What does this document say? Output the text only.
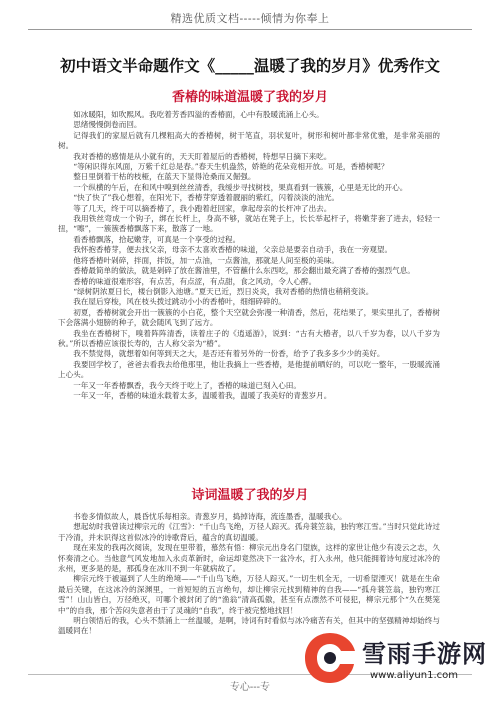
精选优质文档-----倾情为你奉上
初中语文半命题作文《_____温暖了我的岁月》优秀作文
香椿的味道温暖了我的岁月

如冰暖阳，如吹熙风。我吃着芳香四溢的香椿面，心中有股暖流涌上心头。

思绪慢慢倒卷而回。

记得我们的家屋后就有几棵粗高大的香椿树，树干笔直，羽状复叶，树形和树叶都非常优雅，是非常美丽的树。

我对香椿的感情是从小就有的，天天盯着屋后的香椿树，特想早日摘下来吃。

“等闲识得东风面，万紫千红总是春。”春天生机盎然，娇艳的花朵竞相开放。可是，香椿树呢？

整日里倒着干枯的枝桠，在蓝天下显得沧桑而又倔强。

一个纵横的午后，在和风中嗅到丝丝清香，我缓步寻找树枝，果真看到一簇簇，心里是无比的开心。

“快了快了”我心想着，在阳光下，香椿芽穿透着靓丽的紫红，闪着淡淡的油光。

等了几天，终于可以摘香椿了，我小跑着赶回家，拿起母亲的长杆冲了出去。

我用铁丝弯成一个钩子，绑在长杆上，身高不够，就站在凳子上，长长举起杆子，将嫩芽套了进去，轻轻一扭，“嚓”，一簇簇香椿飘落下来，散落了一地。

看香椿飘落，拾起嫩芽，可真是一个享受的过程。

我怀抱香椿芽，便去找父亲，母亲不太喜欢香椿的味道，父亲总是要亲自动手，我在一旁观望。

他将香椿叶剁碎，拌面，拌饭，加一点油，一点酱油，那就是人间至极的美味。

香椿最简单的做法，就是剁碎了放在酱油里，不管蘸什么东西吃，那会翻出最充满了香椿的强烈气息。

香椿的味道很难形容，有点苦，有点涩，有点甜，食之风动，令人心醉。

“绿树阴浓夏日长，楼台倒影入池塘。”夏天已近，烈日炎炎，我对香椿的热情也稍稍变淡。

我在屋后穿梭，风在枝头拨过跳动小小的香椿叶，细细碎碎的。

初夏，香椿树就会开出一簇簇的小白花，整个天空就会弥漫一种清香，然后，花结果了，果实里扎了，香椿树下会落满小翅膀的种子，就会随风飞到了远方。

我坐在香椿树下，嗅着阵阵清香，读着庄子的《逍遥游》，说到：“古有大椿者，以八千岁为春，以八千岁为秋。”所以香椿应该很长寿的，古人称父亲为“椿”。

我不禁觉得，就想着如何等到天之大，是否还有着另外的一份香，给予了我多多少少的美好。

我要回学校了，爸爸去看我去给他那里，他让我摘上一些香椿，是他提前晒好的，可以吃一整年，一股暖流涌上心头。

一年又一年香椿飘香，我今天终于吃上了，香椿的味道已刻入心田。

一年又一年，香椿的味道永载着太多，温暖着我，温暖了我美好的青葱岁月。

诗词温暖了我的岁月

书卷多情似故人，晨昏忧乐每相亲。青葱岁月，捣掉诗海，流连墨香，温暖我心。

想起幼时我曾读过柳宗元的《江雪》：“千山鸟飞绝，万径人踪灭。孤舟蓑笠翁，独钓寒江雪。”当时只觉此诗过于冷清，并未识得这首似冰冷的诗歌背后，蕴含的真切温暖。

现在来发的我再次阅读，发现在里带着，慕然有悟：柳宗元出身名门望族，这样的家世让他少有凌云之志，久怀奏清之心。当他意气风发地加入永贞革新时，命运却竟然决下一盆冷水，打入永州，他只能拥着诗句度过冰冷的永州，更多是的是，那孤身在冰川不到一年就病故了。

柳宗元终于被逼到了人生的绝境——“千山鸟飞绝，万径人踪灭。”一切生机全无，一切希望湮灭！就是在生命最后关键，在这冰冷的深渊里，一首短短的五言绝句，却让柳宗元找到精神的自我——“孤舟蓑笠翁，独钓寒江雪”！山山皆白，万径绝灭，可哪个被封闭了的“渔翁”清高孤傲，甚至有点漂然不可侵犯，柳宗元那个“久在樊笼中”的自我，那个苦闷失意者由于了灵魂的“自我”，终于被完整地找回！

明白领悟后的我，心头不禁涌上一丝温暖，是啊，诗词有时看似与冰冷痛苦有关，但其中的坚强精神却始终与温暖同在！

专心---专
雪雨手游网
www.aliyun1.com
